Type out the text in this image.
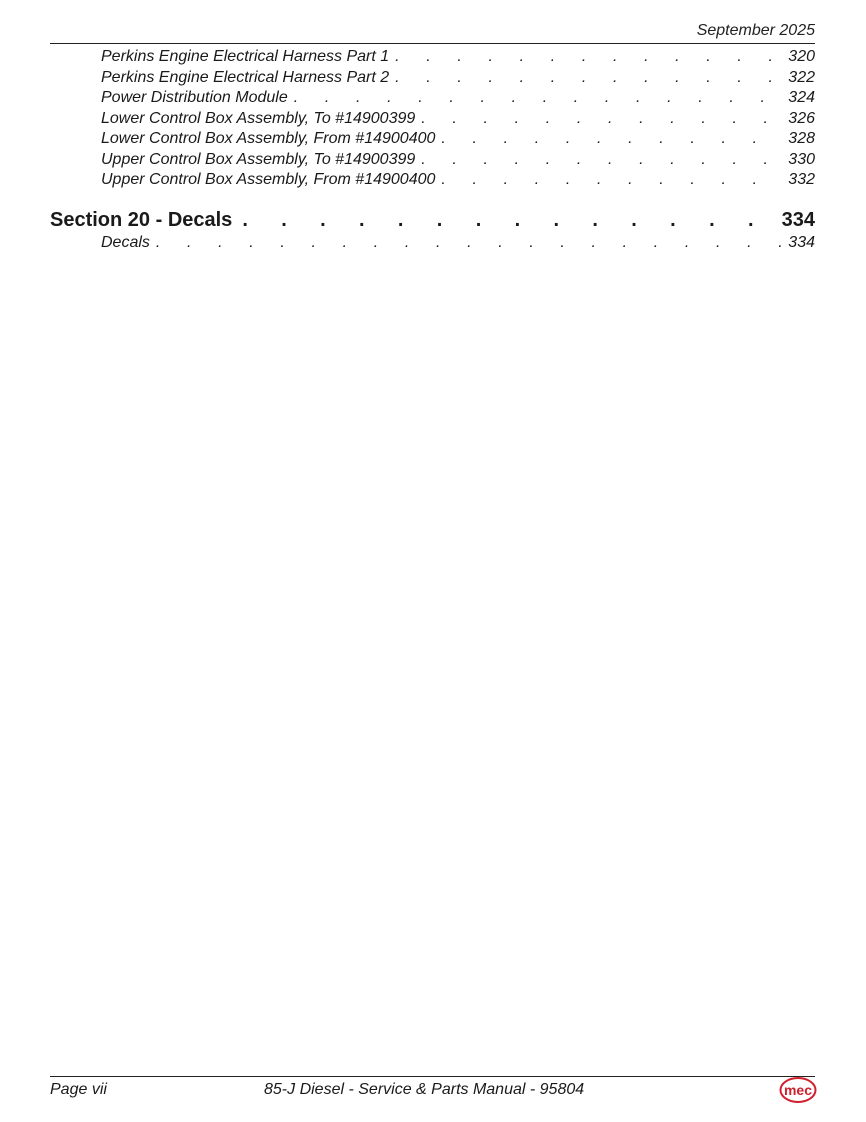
September 2025
Perkins Engine Electrical Harness Part 1 .	320
Perkins Engine Electrical Harness Part 2 .	322
Power Distribution Module .	324
Lower Control Box Assembly, To #14900399 .	326
Lower Control Box Assembly, From #14900400 .	328
Upper Control Box Assembly, To #14900399 .	330
Upper Control Box Assembly, From #14900400 .	332
Section 20 - Decals .	334
Decals .	334
Page vii	85-J Diesel - Service & Parts Manual - 95804	mec
